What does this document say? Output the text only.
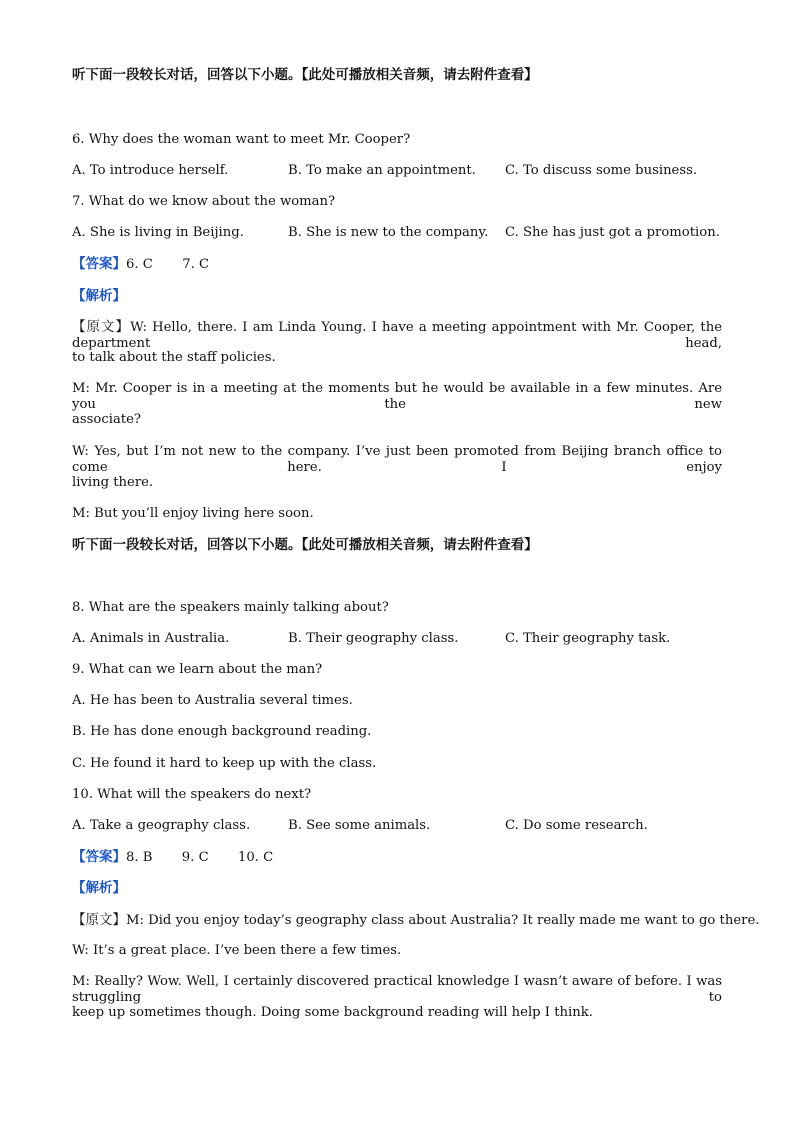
听下面一段较长对话，回答以下小题。【此处可播放相关音频，请去附件查看】
6. Why does the woman want to meet Mr. Cooper?
A. To introduce herself.	B. To make an appointment. C. To discuss some business.
7. What do we know about the woman?
A. She is living in Beijing.	B. She is new to the company. C. She has just got a promotion.
【答案】6. C       7. C
【解析】
【原文】W: Hello, there. I am Linda Young. I have a meeting appointment with Mr. Cooper, the department head,
to talk about the staff policies.
M: Mr. Cooper is in a meeting at the moments but he would be available in a few minutes. Are you the new
associate?
W: Yes, but I’m not new to the company. I’ve just been promoted from Beijing branch office to come here. I enjoy
living there.
M: But you’ll enjoy living here soon.
听下面一段较长对话，回答以下小题。【此处可播放相关音频，请去附件查看】
8. What are the speakers mainly talking about?
A. Animals in Australia.	B. Their geography class.	C. Their geography task.
9. What can we learn about the man?
A. He has been to Australia several times.
B. He has done enough background reading.
C. He found it hard to keep up with the class.
10. What will the speakers do next?
A. Take a geography class.	B. See some animals.	C. Do some research.
【答案】8. B       9. C       10. C
【解析】
【原文】M: Did you enjoy today’s geography class about Australia? It really made me want to go there.
W: It’s a great place. I’ve been there a few times.
M: Really? Wow. Well, I certainly discovered practical knowledge I wasn’t aware of before. I was struggling to
keep up sometimes though. Doing some background reading will help I think.
